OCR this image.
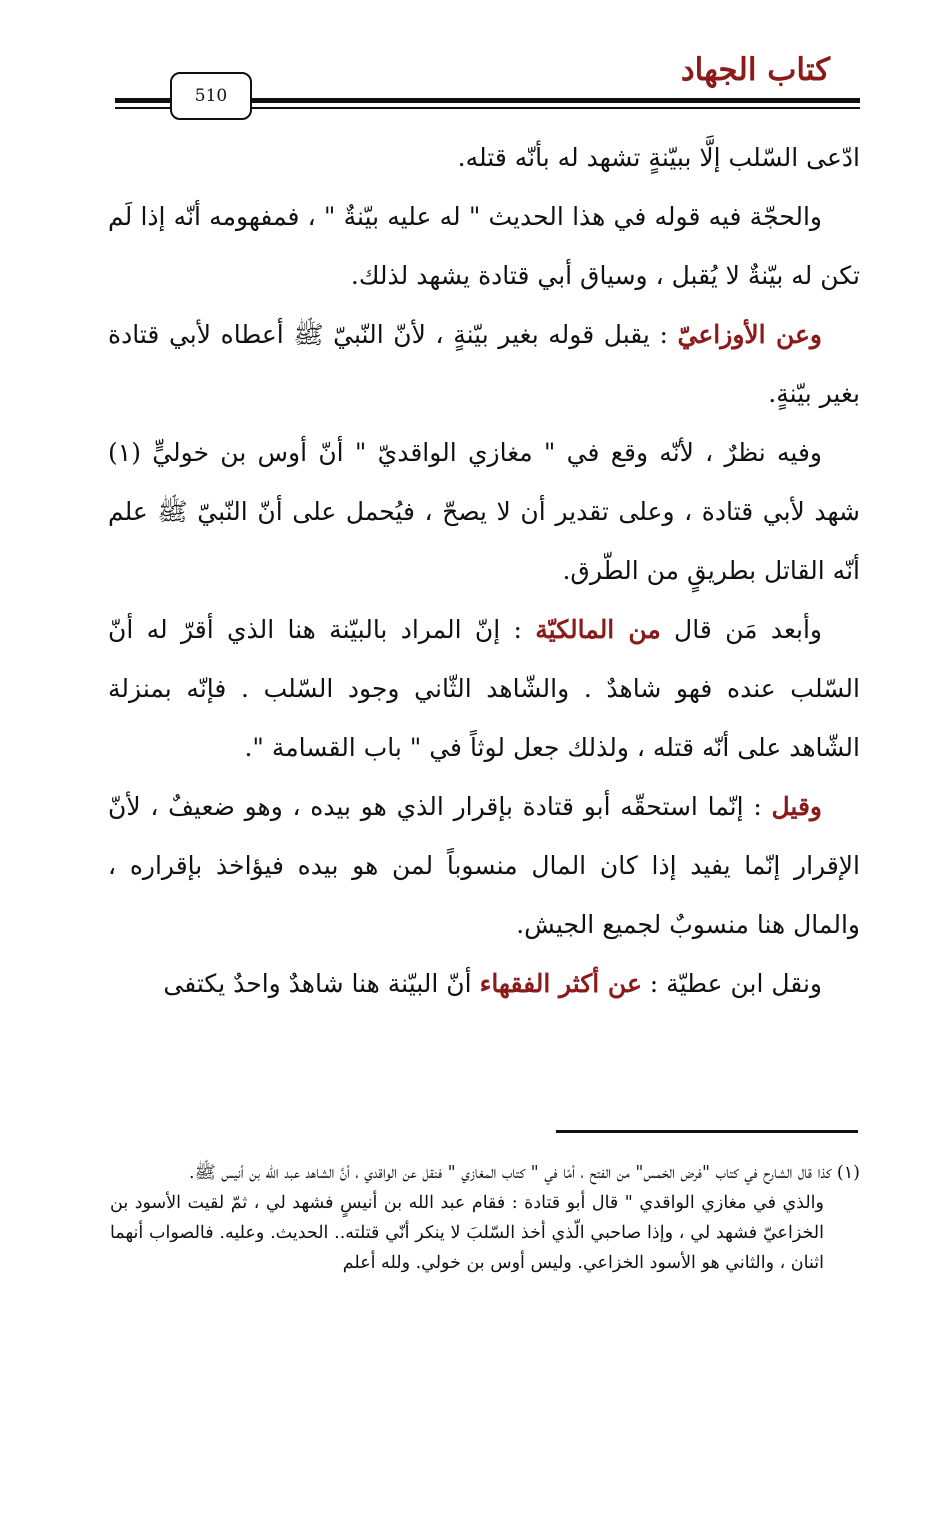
كتاب الجهاد
510

ادّعى السّلب إلَّا ببيّنةٍ تشهد له بأنّه قتله.

والحجّة فيه قوله في هذا الحديث " له عليه بيّنةٌ " ، فمفهومه أنّه إذا لَم تكن له بيّنةٌ لا يُقبل ، وسياق أبي قتادة يشهد لذلك.

وعن الأوزاعيّ : يقبل قوله بغير بيّنةٍ ، لأنّ النّبيّ ﷺ أعطاه لأبي قتادة بغير بيّنةٍ.

وفيه نظرٌ ، لأنّه وقع في " مغازي الواقديّ " أنّ أوس بن خوليٍّ (١) شهد لأبي قتادة ، وعلى تقدير أن لا يصحّ ، فيُحمل على أنّ النّبيّ ﷺ علم أنّه القاتل بطريقٍ من الطّرق.

وأبعد مَن قال من المالكيّة : إنّ المراد بالبيّنة هنا الذي أقرّ له أنّ السّلب عنده فهو شاهدٌ . والشّاهد الثّاني وجود السّلب . فإنّه بمنزلة الشّاهد على أنّه قتله ، ولذلك جعل لوثاً في " باب القسامة ".

وقيل : إنّما استحقّه أبو قتادة بإقرار الذي هو بيده ، وهو ضعيفٌ ، لأنّ الإقرار إنّما يفيد إذا كان المال منسوباً لمن هو بيده فيؤاخذ بإقراره ، والمال هنا منسوبٌ لجميع الجيش.

ونقل ابن عطيّة : عن أكثر الفقهاء أنّ البيّنة هنا شاهدٌ واحدٌ يكتفى

(١) كذا قال الشارح في كتاب "فرض الخمس" من الفتح ، أمّا في " كتاب المغازي " فنقل عن الواقدي ، أنَّ الشاهد عبد الله بن أنيس ﷺ.

والذي في مغازي الواقدي " قال أبو قتادة : فقام عبد الله بن أنيسٍ فشهد لي ، ثمّ لقيت الأسود بن الخزاعيّ فشهد لي ، وإذا صاحبي الّذي أخذ السّلبَ لا ينكر أنّي قتلته.. الحديث. وعليه. فالصواب أنهما اثنان ، والثاني هو الأسود الخزاعي. وليس أوس بن خولي. ولله أعلم
